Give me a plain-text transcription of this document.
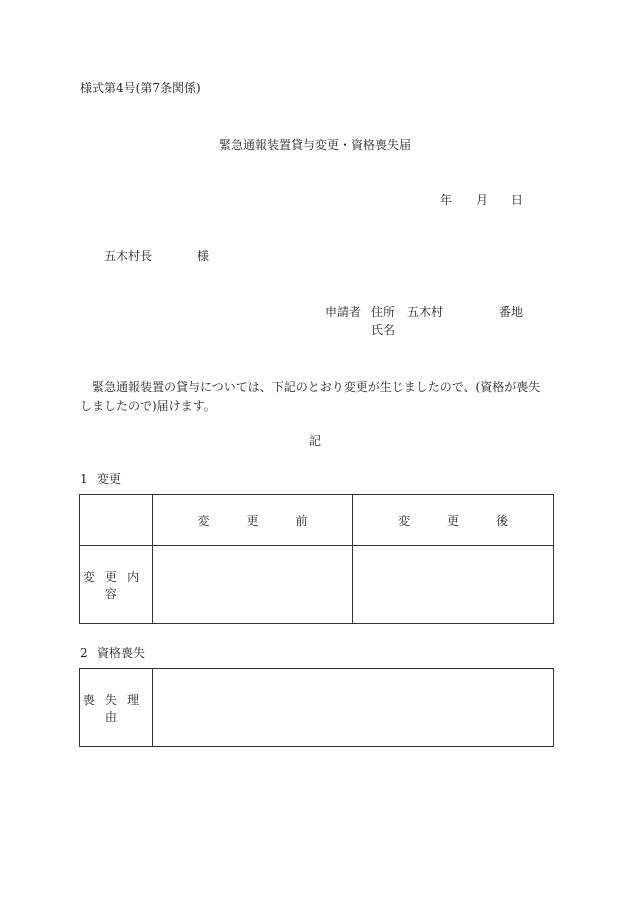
様式第4号(第7条関係)
緊急通報装置貸与変更・資格喪失届
年 月 日
五木村長	様
申請者 住所 五木村	番地
氏名
緊急通報装置の貸与については、下記のとおり変更が生じましたので、(資格が喪失しましたので)届けます。
記
1 変更

	変 更 前	変 更 後

変更内容		
2 資格喪失
喪失理由	
